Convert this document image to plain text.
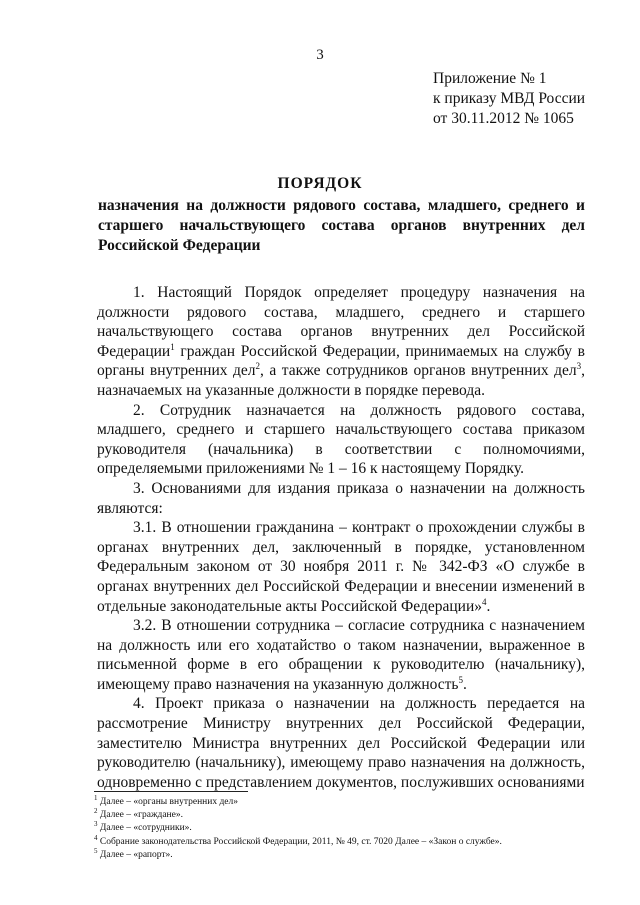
3
Приложение № 1
к приказу МВД России
от 30.11.2012 № 1065
ПОРЯДОК
назначения на должности рядового состава, младшего, среднего и старшего начальствующего состава органов внутренних дел Российской Федерации

1. Настоящий Порядок определяет процедуру назначения на должности рядового состава, младшего, среднего и старшего начальствующего состава органов внутренних дел Российской Федерации$^1$ граждан Российской Федерации, принимаемых на службу в органы внутренних дел$^2$, а также сотрудников органов внутренних дел$^3$, назначаемых на указанные должности в порядке перевода.

2. Сотрудник назначается на должность рядового состава, младшего, среднего и старшего начальствующего состава приказом руководителя (начальника) в соответствии с полномочиями, определяемыми приложениями № 1 – 16 к настоящему Порядку.

3. Основаниями для издания приказа о назначении на должность являются:

3.1. В отношении гражданина – контракт о прохождении службы в органах внутренних дел, заключенный в порядке, установленном Федеральным законом от 30 ноября 2011 г. № 342-ФЗ «О службе в органах внутренних дел Российской Федерации и внесении изменений в отдельные законодательные акты Российской Федерации»$^4$.

3.2. В отношении сотрудника – согласие сотрудника с назначением на должность или его ходатайство о таком назначении, выраженное в письменной форме в его обращении к руководителю (начальнику), имеющему право назначения на указанную должность$^5$.

4. Проект приказа о назначении на должность передается на рассмотрение Министру внутренних дел Российской Федерации, заместителю Министра внутренних дел Российской Федерации или руководителю (начальнику), имеющему право назначения на должность, одновременно с представлением документов, послуживших основаниями

$^1$ Далее – «органы внутренних дел»
$^2$ Далее – «граждане».
$^3$ Далее – «сотрудники».
$^4$ Собрание законодательства Российской Федерации, 2011, № 49, ст. 7020 Далее – «Закон о службе».
$^5$ Далее – «рапорт».
